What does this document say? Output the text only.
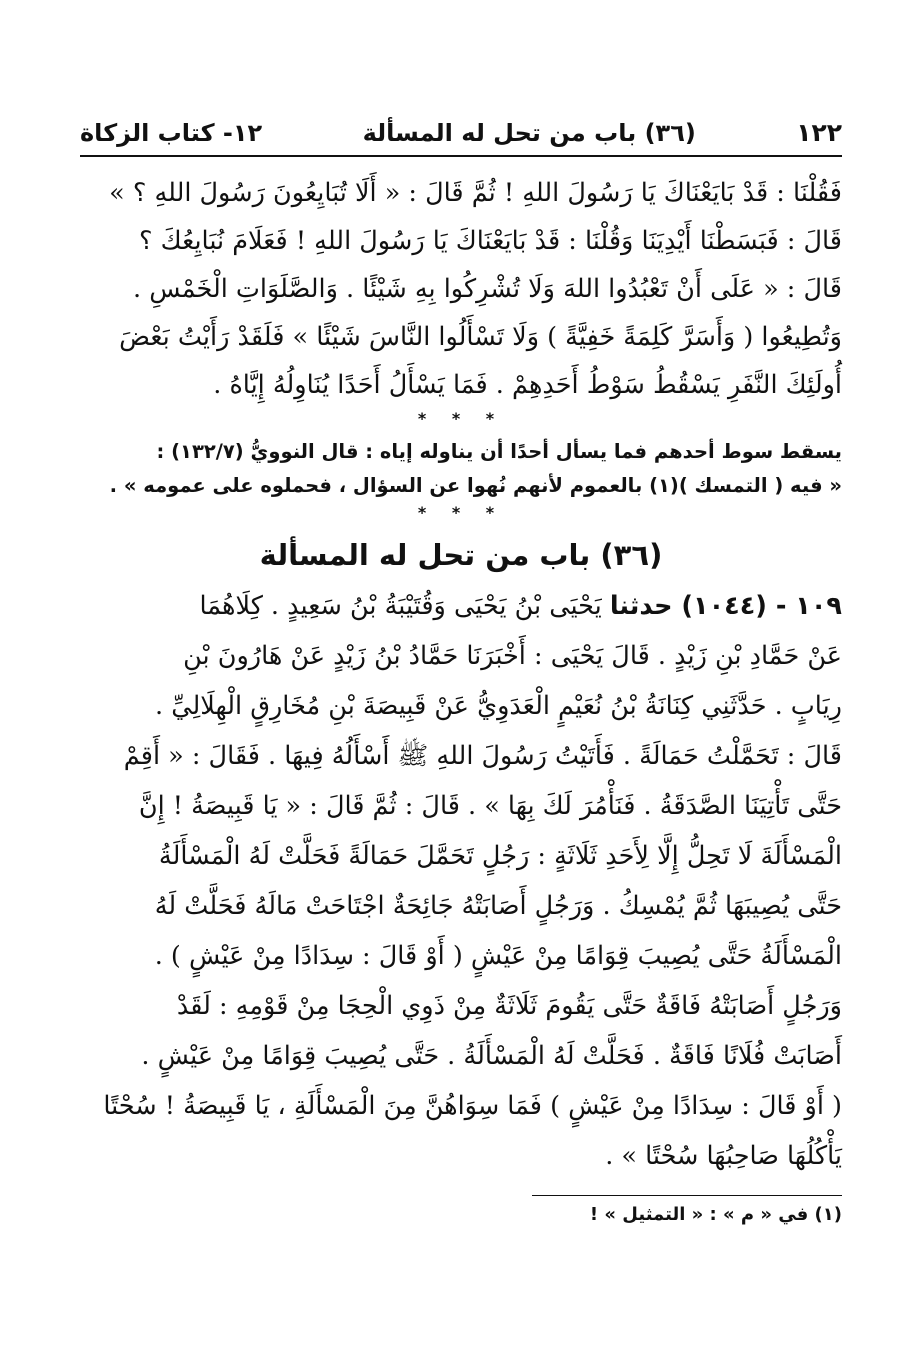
١٢٢
(٣٦) باب من تحل له المسألة
١٢- كتاب الزكاة

فَقُلْنَا : قَدْ بَايَعْنَاكَ يَا رَسُولَ اللهِ ! ثُمَّ قَالَ : « أَلَا تُبَايِعُونَ رَسُولَ اللهِ ؟ »

قَالَ : فَبَسَطْنَا أَيْدِيَنَا وَقُلْنَا : قَدْ بَايَعْنَاكَ يَا رَسُولَ اللهِ ! فَعَلَامَ نُبَايِعُكَ ؟

قَالَ : « عَلَى أَنْ تَعْبُدُوا اللهَ وَلَا تُشْرِكُوا بِهِ شَيْئًا . وَالصَّلَوَاتِ الْخَمْسِ .

وَتُطِيعُوا ( وَأَسَرَّ كَلِمَةً خَفِيَّةً ) وَلَا تَسْأَلُوا النَّاسَ شَيْئًا » فَلَقَدْ رَأَيْتُ بَعْضَ

أُولَئِكَ النَّفَرِ يَسْقُطُ سَوْطُ أَحَدِهِمْ . فَمَا يَسْأَلُ أَحَدًا يُنَاوِلُهُ إِيَّاهُ .

* * *

يسقط سوط أحدهم فما يسأل أحدًا أن يناوله إياه : قال النوويُّ (١٣٢/٧) :

« فيه ( التمسك )(١) بالعموم لأنهم نُهوا عن السؤال ، فحملوه على عمومه » .

* * *

(٣٦) باب من تحل له المسألة

١٠٩ - (١٠٤٤) حدثنا يَحْيَى بْنُ يَحْيَى وَقُتَيْبَةُ بْنُ سَعِيدٍ . كِلَاهُمَا

عَنْ حَمَّادِ بْنِ زَيْدٍ . قَالَ يَحْيَى : أَخْبَرَنَا حَمَّادُ بْنُ زَيْدٍ عَنْ هَارُونَ بْنِ

رِيَابٍ . حَدَّثَنِي كِنَانَةُ بْنُ نُعَيْمٍ الْعَدَوِيُّ عَنْ قَبِيصَةَ بْنِ مُخَارِقٍ الْهِلَالِيِّ .

قَالَ : تَحَمَّلْتُ حَمَالَةً . فَأَتَيْتُ رَسُولَ اللهِ ﷺ أَسْأَلُهُ فِيهَا . فَقَالَ : « أَقِمْ

حَتَّى تَأْتِيَنَا الصَّدَقَةُ . فَنَأْمُرَ لَكَ بِهَا » . قَالَ : ثُمَّ قَالَ : « يَا قَبِيصَةُ ! إِنَّ

الْمَسْأَلَةَ لَا تَحِلُّ إِلَّا لِأَحَدِ ثَلَاثَةٍ : رَجُلٍ تَحَمَّلَ حَمَالَةً فَحَلَّتْ لَهُ الْمَسْأَلَةُ

حَتَّى يُصِيبَهَا ثُمَّ يُمْسِكُ . وَرَجُلٍ أَصَابَتْهُ جَائِحَةٌ اجْتَاحَتْ مَالَهُ فَحَلَّتْ لَهُ

الْمَسْأَلَةُ حَتَّى يُصِيبَ قِوَامًا مِنْ عَيْشٍ ( أَوْ قَالَ : سِدَادًا مِنْ عَيْشٍ ) .

وَرَجُلٍ أَصَابَتْهُ فَاقَةٌ حَتَّى يَقُومَ ثَلَاثَةٌ مِنْ ذَوِي الْحِجَا مِنْ قَوْمِهِ : لَقَدْ

أَصَابَتْ فُلَانًا فَاقَةٌ . فَحَلَّتْ لَهُ الْمَسْأَلَةُ . حَتَّى يُصِيبَ قِوَامًا مِنْ عَيْشٍ .

( أَوْ قَالَ : سِدَادًا مِنْ عَيْشٍ ) فَمَا سِوَاهُنَّ مِنَ الْمَسْأَلَةِ ، يَا قَبِيصَةُ ! سُحْتًا

يَأْكُلُهَا صَاحِبُهَا سُحْتًا » .

(١) في « م » : « التمثيل » !
